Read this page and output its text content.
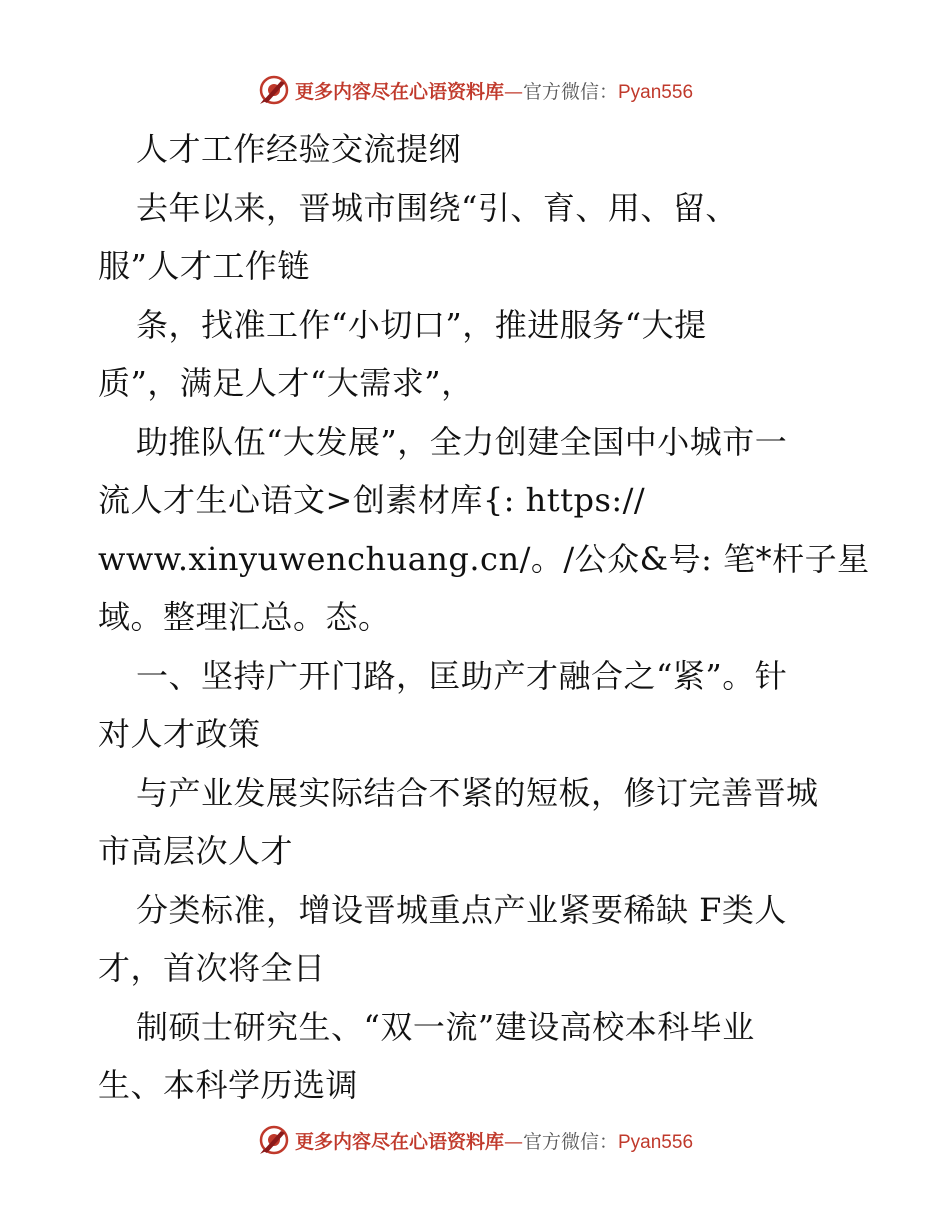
更多内容尽在心语资料库—官方微信：Pyan556
人才工作经验交流提纲
去年以来，晋城市围绕“引、育、用、留、
服”人才工作链
条，找准工作“小切口”，推进服务“大提
质”，满足人才“大需求”，
助推队伍“大发展”，全力创建全国中小城市一
流人才生心语文>创素材库{: https://
www.xinyuwenchuang.cn/。/公众&号: 笔*杆子星
域。整理汇总。态。
一、坚持广开门路，匡助产才融合之“紧”。针
对人才政策
与产业发展实际结合不紧的短板，修订完善晋城
市高层次人才
分类标准，增设晋城重点产业紧要稀缺 F类人
才，首次将全日
制硕士研究生、“双一流”建设高校本科毕业
生、本科学历选调
更多内容尽在心语资料库—官方微信：Pyan556
